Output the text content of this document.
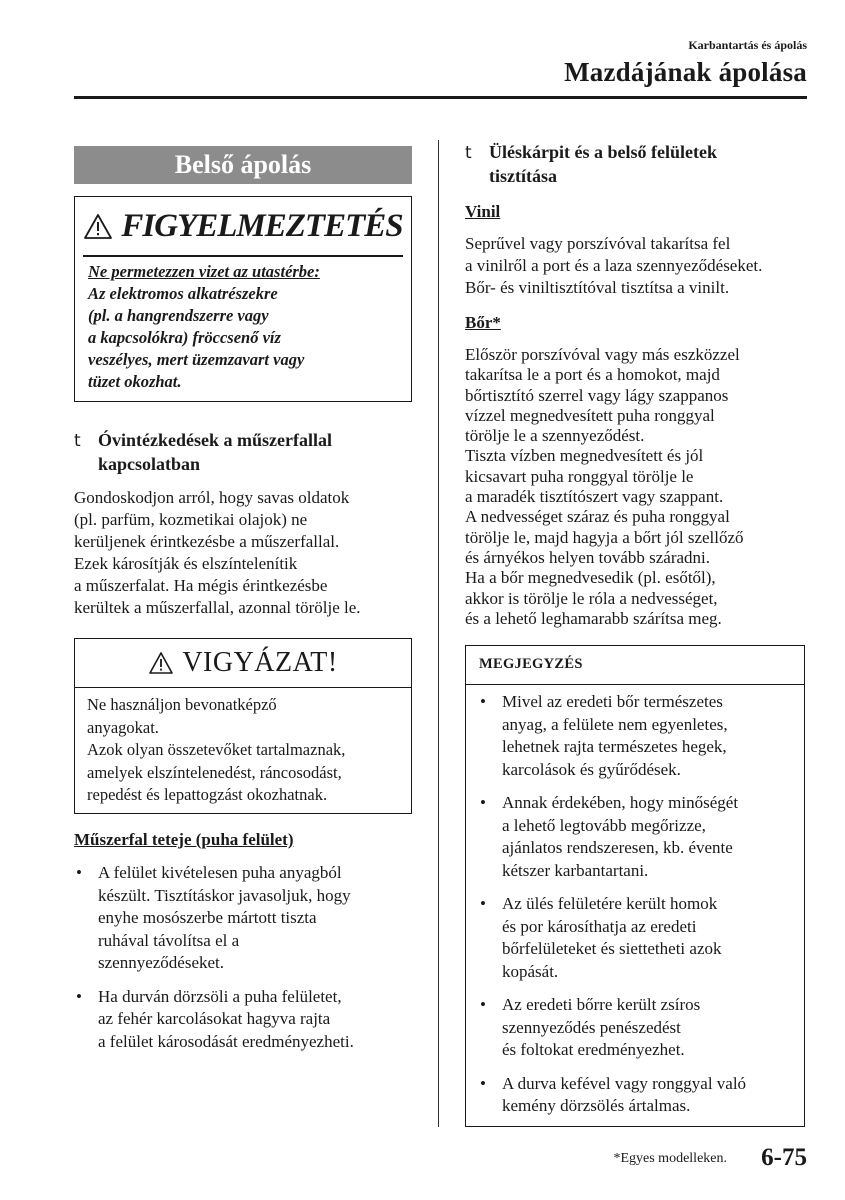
Karbantartás és ápolás
Mazdájának ápolása
Belső ápolás
FIGYELMEZTETÉS
Ne permetezzen vizet az utastérbe:
Az elektromos alkatrészekre
(pl. a hangrendszerre vagy
a kapcsolókra) fröccsenő víz
veszélyes, mert üzemzavart vagy
tüzet okozhat.
t Óvintézkedések a műszerfallal
kapcsolatban
Gondoskodjon arról, hogy savas oldatok
(pl. parfüm, kozmetikai olajok) ne
kerüljenek érintkezésbe a műszerfallal.
Ezek károsítják és elszíntelenítik
a műszerfalat. Ha mégis érintkezésbe
kerültek a műszerfallal, azonnal törölje le.
VIGYÁZAT!
Ne használjon bevonatképző
anyagokat.
Azok olyan összetevőket tartalmaznak,
amelyek elszíntelenedést, ráncosodást,
repedést és lepattogzást okozhatnak.
Műszerfal teteje (puha felület)
• A felület kivételesen puha anyagból
készült. Tisztításkor javasoljuk, hogy
enyhe mosószerbe mártott tiszta
ruhával távolítsa el a
szennyeződéseket.
• Ha durván dörzsöli a puha felületet,
az fehér karcolásokat hagyva rajta
a felület károsodását eredményezheti.
t Üléskárpit és a belső felületek
tisztítása
Vinil
Seprűvel vagy porszívóval takarítsa fel
a vinilről a port és a laza szennyeződéseket.
Bőr- és viniltisztítóval tisztítsa a vinilt.
Bőr*
Először porszívóval vagy más eszközzel
takarítsa le a port és a homokot, majd
bőrtisztító szerrel vagy lágy szappanos
vízzel megnedvesített puha ronggyal
törölje le a szennyeződést.
Tiszta vízben megnedvesített és jól
kicsavart puha ronggyal törölje le
a maradék tisztítószert vagy szappant.
A nedvességet száraz és puha ronggyal
törölje le, majd hagyja a bőrt jól szellőző
és árnyékos helyen tovább száradni.
Ha a bőr megnedvesedik (pl. esőtől),
akkor is törölje le róla a nedvességet,
és a lehető leghamarabb szárítsa meg.
MEGJEGYZÉS
• Mivel az eredeti bőr természetes
anyag, a felülete nem egyenletes,
lehetnek rajta természetes hegek,
karcolások és gyűrődések.
• Annak érdekében, hogy minőségét
a lehető legtovább megőrizze,
ajánlatos rendszeresen, kb. évente
kétszer karbantartani.
• Az ülés felületére került homok
és por károsíthatja az eredeti
bőrfelületeket és siettetheti azok
kopását.
• Az eredeti bőrre került zsíros
szennyeződés penészedést
és foltokat eredményezhet.
• A durva kefével vagy ronggyal való
kemény dörzsölés ártalmas.
*Egyes modelleken. 6-75
